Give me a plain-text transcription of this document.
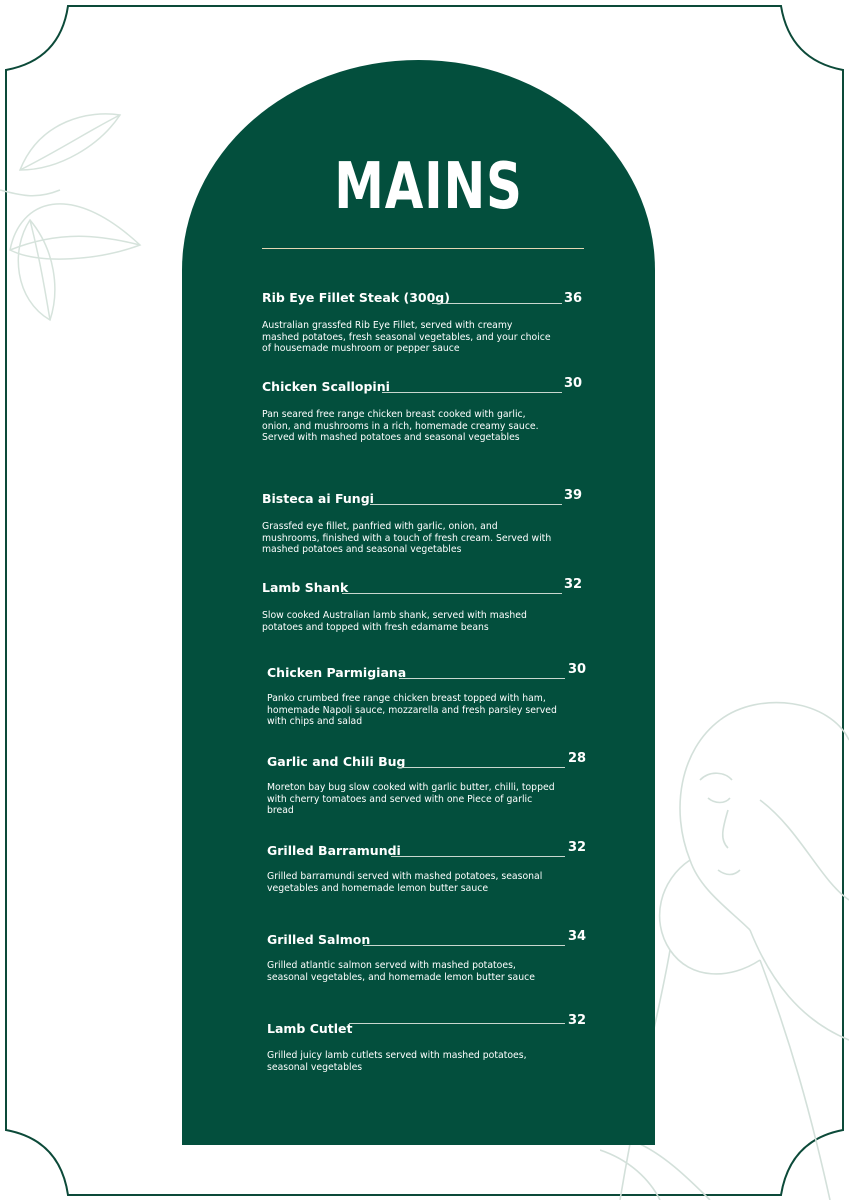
MAINS
Rib Eye Fillet Steak (300g)	36
Australian grassfed Rib Eye Fillet, served with creamy mashed potatoes, fresh seasonal vegetables, and your choice of housemade mushroom or pepper sauce
Chicken Scallopini	30
Pan seared free range chicken breast cooked with garlic, onion, and mushrooms in a rich, homemade creamy sauce. Served with mashed potatoes and seasonal vegetables
Bisteca ai Fungi	39
Grassfed eye fillet, panfried with garlic, onion, and mushrooms, finished with a touch of fresh cream. Served with mashed potatoes and seasonal vegetables
Lamb Shank	32
Slow cooked Australian lamb shank, served with mashed potatoes and topped with fresh edamame beans
Chicken Parmigiana	30
Panko crumbed free range chicken breast topped with ham, homemade Napoli sauce, mozzarella and fresh parsley served with chips and salad
Garlic and Chili Bug	28
Moreton bay bug slow cooked with garlic butter, chilli, topped with cherry tomatoes and served with one Piece of garlic bread
Grilled Barramundi	32
Grilled barramundi served with mashed potatoes, seasonal vegetables and homemade lemon butter sauce
Grilled Salmon	34
Grilled atlantic salmon served with mashed potatoes, seasonal vegetables, and homemade lemon butter sauce
Lamb Cutlet
32
Grilled juicy lamb cutlets served with mashed potatoes, seasonal vegetables
